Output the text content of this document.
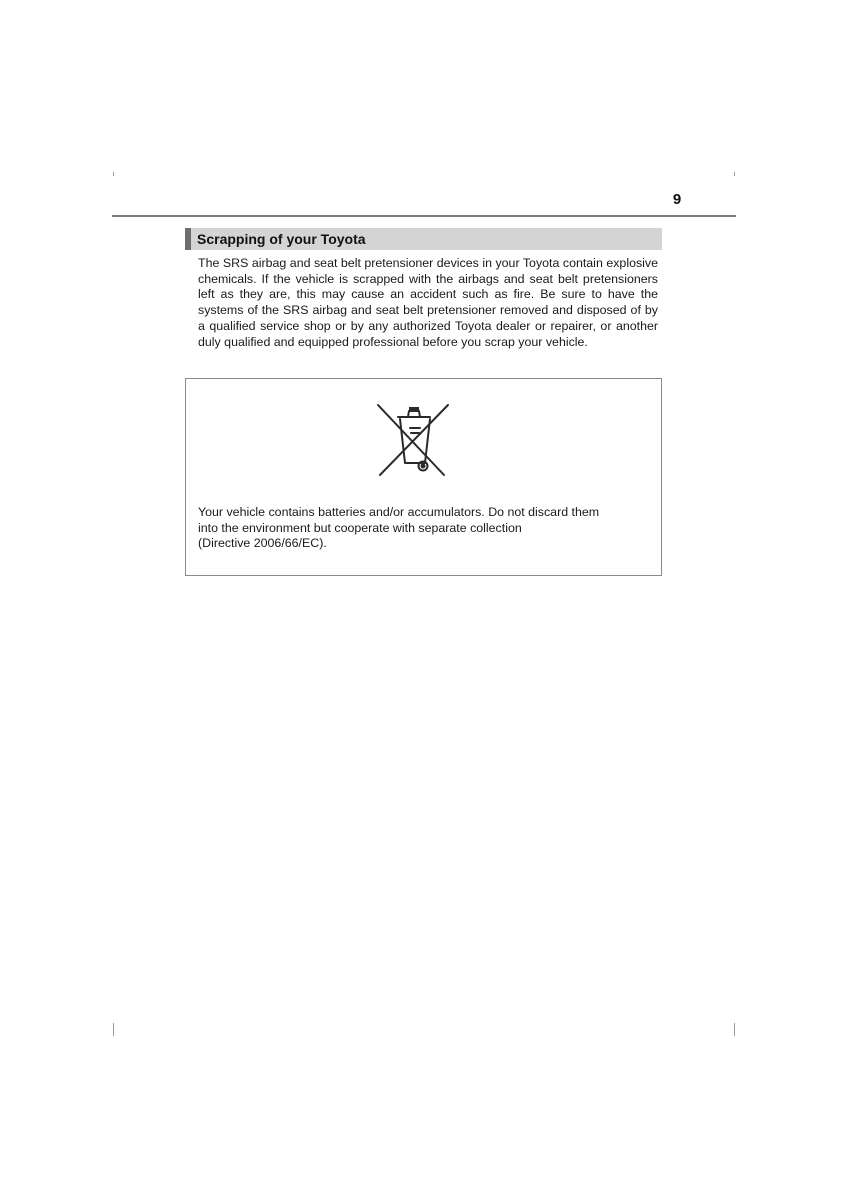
9
Scrapping of your Toyota

The SRS airbag and seat belt pretensioner devices in your Toyota contain explosive chemicals. If the vehicle is scrapped with the airbags and seat belt pretensioners left as they are, this may cause an accident such as fire. Be sure to have the systems of the SRS airbag and seat belt pretensioner removed and disposed of by a qualified service shop or by any authorized Toyota dealer or repairer, or another duly qualified and equipped professional before you scrap your vehicle.

Your vehicle contains batteries and/or accumulators. Do not discard them
into the environment but cooperate with separate collection
(Directive 2006/66/EC).
